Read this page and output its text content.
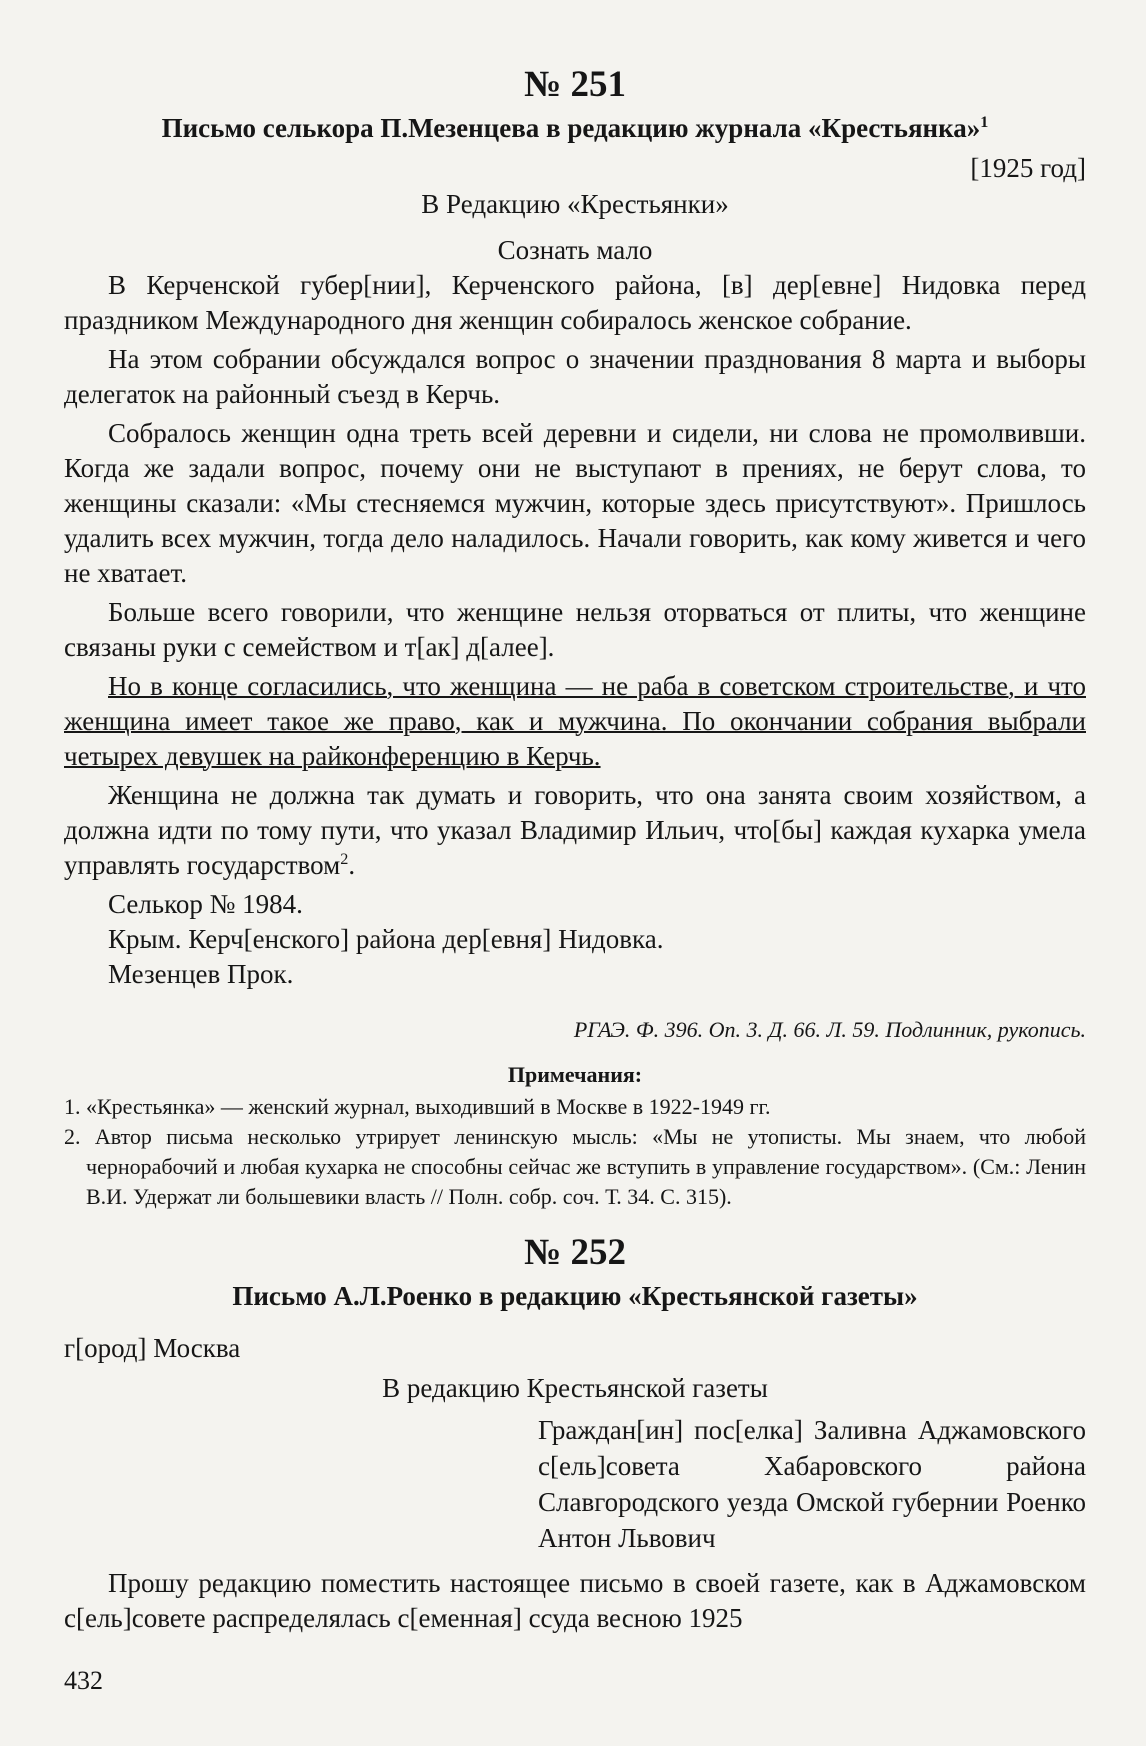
№ 251
Письмо селькора П.Мезенцева в редакцию журнала «Крестьянка»$^1$
[1925 год]
В Редакцию «Крестьянки»
Сознать мало

В Керченской губер[нии], Керченского района, [в] дер[евне] Нидовка перед праздником Международного дня женщин собиралось женское собрание.

На этом собрании обсуждался вопрос о значении празднования 8 марта и выборы делегаток на районный съезд в Керчь.

Собралось женщин одна треть всей деревни и сидели, ни слова не промолвивши. Когда же задали вопрос, почему они не выступают в прениях, не берут слова, то женщины сказали: «Мы стесняемся мужчин, которые здесь присутствуют». Пришлось удалить всех мужчин, тогда дело наладилось. Начали говорить, как кому живется и чего не хватает.

Больше всего говорили, что женщине нельзя оторваться от плиты, что женщине связаны руки с семейством и т[ак] д[алее].

Но в конце согласились, что женщина — не раба в советском строительстве, и что женщина имеет такое же право, как и мужчина. По окончании собрания выбрали четырех девушек на райконференцию в Керчь.

Женщина не должна так думать и говорить, что она занята своим хозяйством, а должна идти по тому пути, что указал Владимир Ильич, что[бы] каждая кухарка умела управлять государством$^2$.

Селькор № 1984.
Крым. Керч[енского] района дер[евня] Нидовка.
Мезенцев Прок.
РГАЭ. Ф. 396. Оп. 3. Д. 66. Л. 59. Подлинник, рукопись.
Примечания:
1. «Крестьянка» — женский журнал, выходивший в Москве в 1922-1949 гг.
2. Автор письма несколько утрирует ленинскую мысль: «Мы не утописты. Мы знаем, что любой чернорабочий и любая кухарка не способны сейчас же вступить в управление государством». (См.: Ленин В.И. Удержат ли большевики власть // Полн. собр. соч. Т. 34. С. 315).
№ 252
Письмо А.Л.Роенко в редакцию «Крестьянской газеты»
г[ород] Москва
В редакцию Крестьянской газеты
Граждан[ин] пос[елка] Заливна Аджамовского с[ель]совета Хабаровского района Славгородского уезда Омской губернии Роенко Антон Львович

Прошу редакцию поместить настоящее письмо в своей газете, как в Аджамовском с[ель]совете распределялась с[еменная] ссуда весною 1925

432
